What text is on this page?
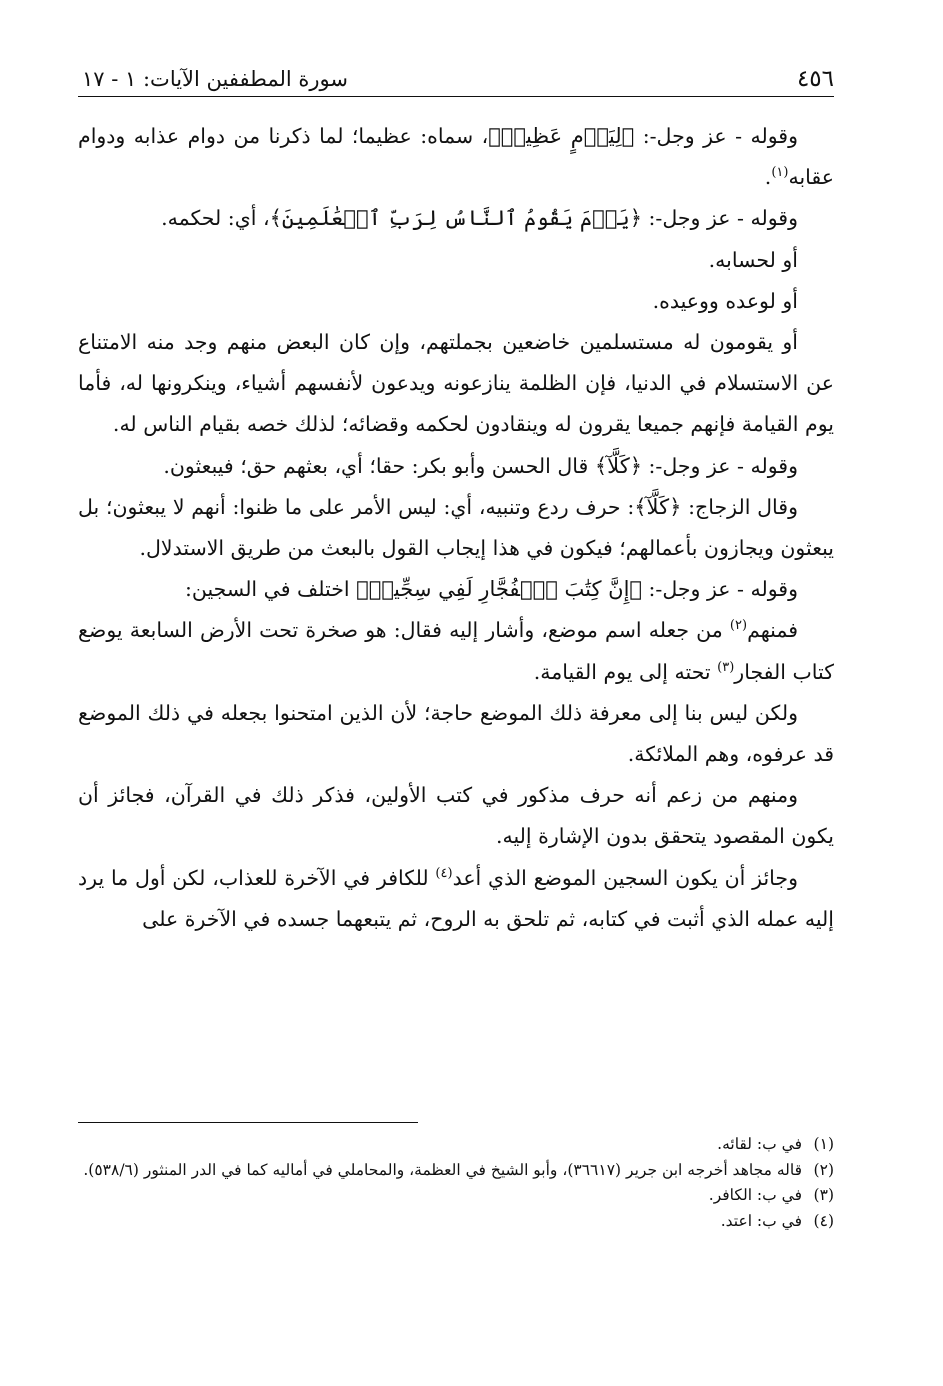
٤٥٦
سورة المطففين الآيات: ١ - ١٧

وقوله - عز وجل-: ﴿لِيَوۡمٍ عَظِيمٖ﴾، سماه: عظيما؛ لما ذكرنا من دوام عذابه ودوام عقابه$^{(١)}$.

وقوله - عز وجل-: ﴿يَوۡمَ يَقُومُ ٱلنَّاسُ لِرَبِّ ٱلۡعَٰلَمِينَ﴾، أي: لحكمه.

أو لحسابه.

أو لوعده ووعيده.

أو يقومون له مستسلمين خاضعين بجملتهم، وإن كان البعض منهم وجد منه الامتناع عن الاستسلام في الدنيا، فإن الظلمة ينازعونه ويدعون لأنفسهم أشياء، وينكرونها له، فأما يوم القيامة فإنهم جميعا يقرون له وينقادون لحكمه وقضائه؛ لذلك خصه بقيام الناس له.

وقوله - عز وجل-: ﴿كَلَّآ﴾ قال الحسن وأبو بكر: حقا؛ أي، بعثهم حق؛ فيبعثون.

وقال الزجاج: ﴿كَلَّآ﴾: حرف ردع وتنبيه، أي: ليس الأمر على ما ظنوا: أنهم لا يبعثون؛ بل يبعثون ويجازون بأعمالهم؛ فيكون في هذا إيجاب القول بالبعث من طريق الاستدلال.

وقوله - عز وجل-: ﴿إِنَّ كِتَٰبَ ٱلۡفُجَّارِ لَفِي سِجِّينٖ﴾ اختلف في السجين:

فمنهم$^{(٢)}$ من جعله اسم موضع، وأشار إليه فقال: هو صخرة تحت الأرض السابعة يوضع كتاب الفجار$^{(٣)}$ تحته إلى يوم القيامة.

ولكن ليس بنا إلى معرفة ذلك الموضع حاجة؛ لأن الذين امتحنوا بجعله في ذلك الموضع قد عرفوه، وهم الملائكة.

ومنهم من زعم أنه حرف مذكور في كتب الأولين، فذكر ذلك في القرآن، فجائز أن يكون المقصود يتحقق بدون الإشارة إليه.

وجائز أن يكون السجين الموضع الذي أعد$^{(٤)}$ للكافر في الآخرة للعذاب، لكن أول ما يرد إليه عمله الذي أثبت في كتابه، ثم تلحق به الروح، ثم يتبعهما جسده في الآخرة على

(١)
في ب: لقائه.
(٢)
قاله مجاهد أخرجه ابن جرير (٣٦٦١٧)، وأبو الشيخ في العظمة، والمحاملي في أماليه كما في الدر المنثور (٥٣٨/٦).
(٣)
في ب: الكافر.
(٤)
في ب: اعتد.
